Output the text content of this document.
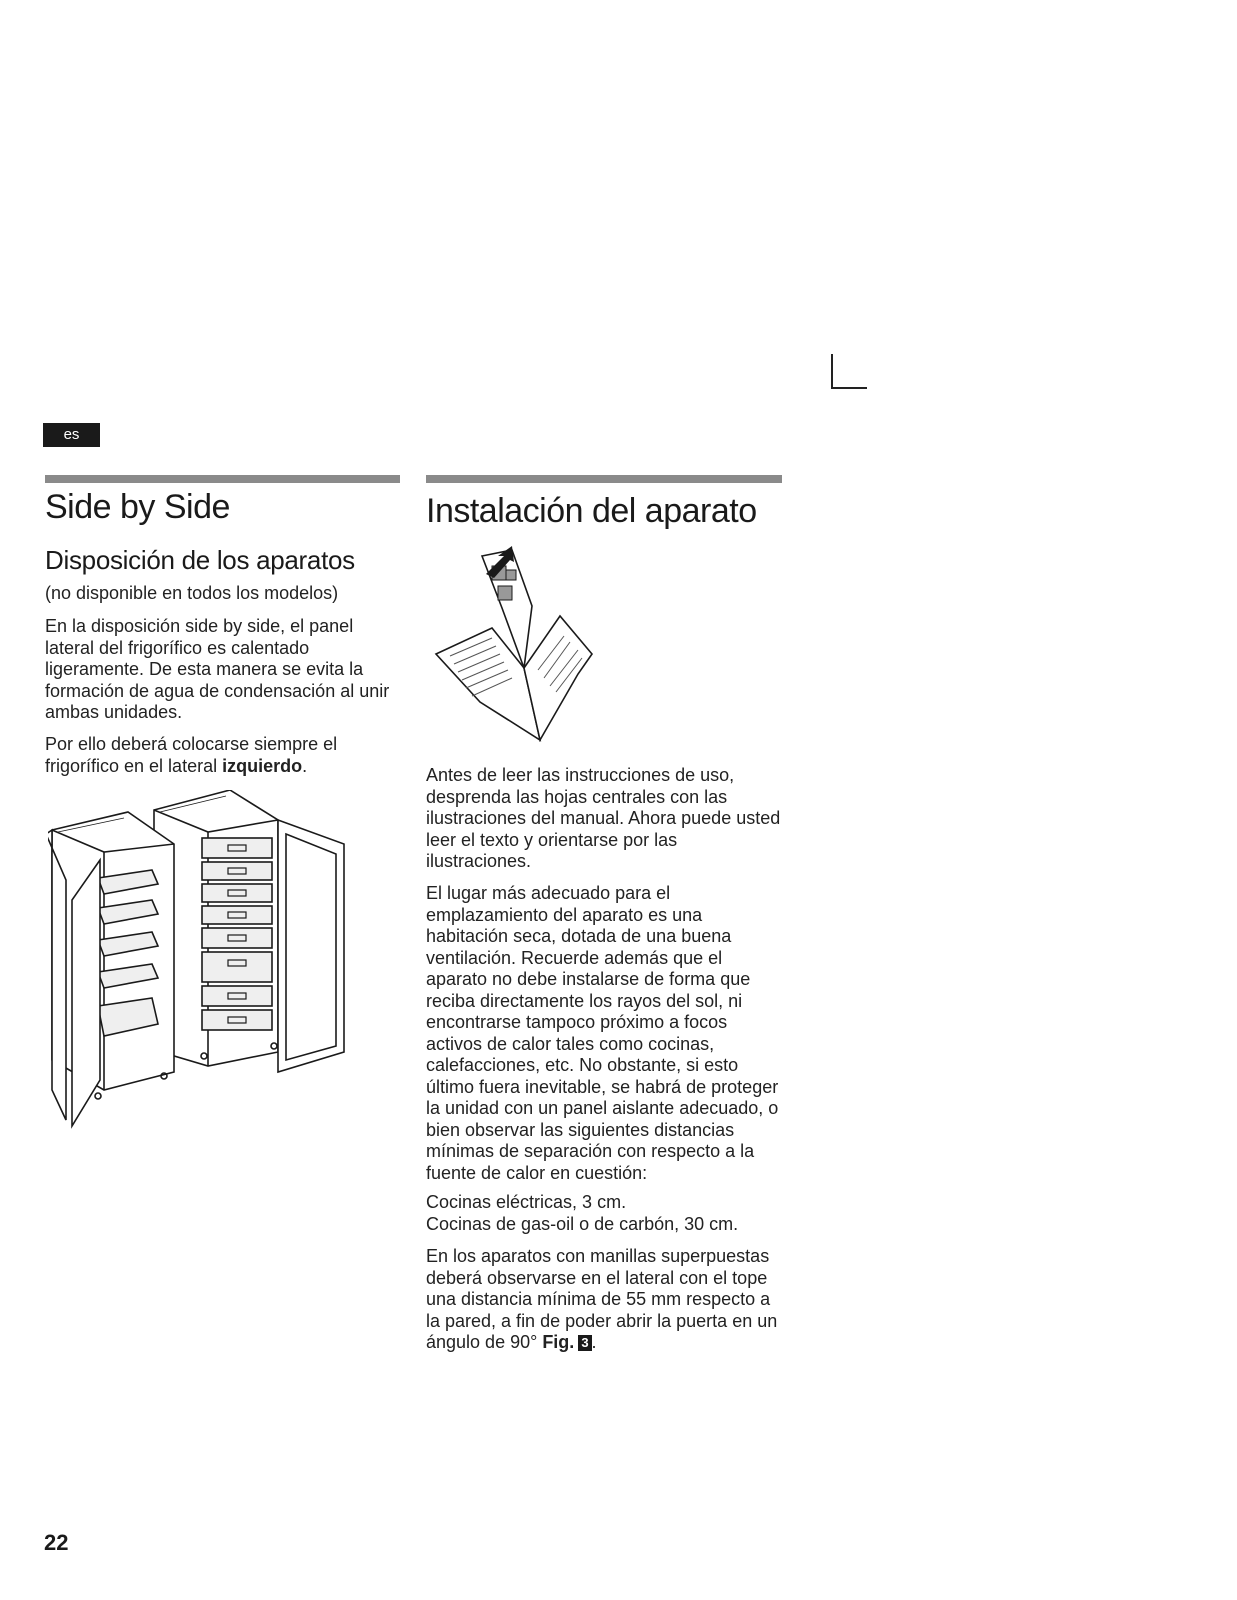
es
Side by Side
Disposición de los aparatos

(no disponible en todos los modelos)

En la disposición side by side, el panel lateral del frigorífico es calentado ligeramente. De esta manera se evita la formación de agua de condensación al unir ambas unidades.

Por ello deberá colocarse siempre el frigorífico en el lateral izquierdo.

Instalación del aparato

Antes de leer las instrucciones de uso, desprenda las hojas centrales con las ilustraciones del manual. Ahora puede usted leer el texto y orientarse por las ilustraciones.

El lugar más adecuado para el emplazamiento del aparato es una habitación seca, dotada de una buena ventilación. Recuerde además que el aparato no debe instalarse de forma que reciba directamente los rayos del sol, ni encontrarse tampoco próximo a focos activos de calor tales como cocinas, calefacciones, etc. No obstante, si esto último fuera inevitable, se habrá de proteger la unidad con un panel aislante adecuado, o bien observar las siguientes distancias mínimas de separación con respecto a la fuente de calor en cuestión:

Cocinas eléctricas, 3 cm.
Cocinas de gas-oil o de carbón, 30 cm.

En los aparatos con manillas superpuestas deberá observarse en el lateral con el tope una distancia mínima de 55 mm respecto a la pared, a fin de poder abrir la puerta en un ángulo de 90° Fig. 3 .

22
